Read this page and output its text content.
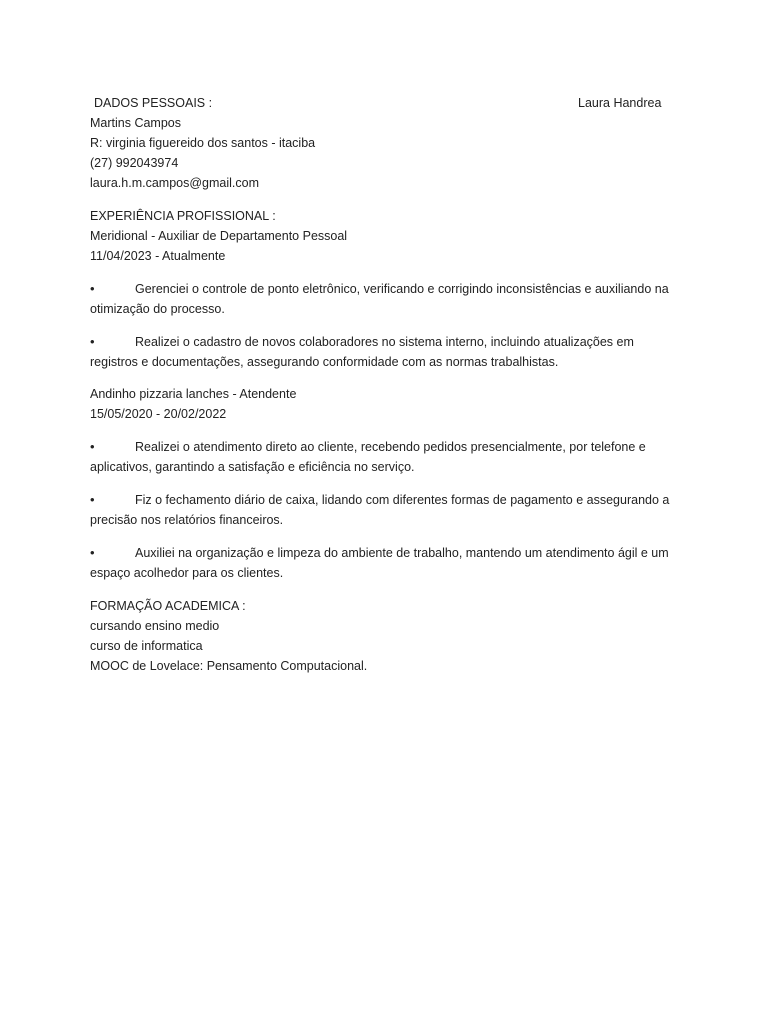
DADOS PESSOAIS :	Laura Handrea
Martins Campos
R: virginia figuereido dos santos - itaciba
(27) 992043974
laura.h.m.campos@gmail.com
EXPERIÊNCIA PROFISSIONAL :
Meridional - Auxiliar de Departamento Pessoal
11/04/2023 - Atualmente
•	Gerenciei o controle de ponto eletrônico, verificando e corrigindo inconsistências e auxiliando na
otimização do processo.
•	Realizei o cadastro de novos colaboradores no sistema interno, incluindo atualizações em
registros e documentações, assegurando conformidade com as normas trabalhistas.
Andinho pizzaria lanches - Atendente
15/05/2020 - 20/02/2022
•	Realizei o atendimento direto ao cliente, recebendo pedidos presencialmente, por telefone e
aplicativos, garantindo a satisfação e eficiência no serviço.
•	Fiz o fechamento diário de caixa, lidando com diferentes formas de pagamento e assegurando a
precisão nos relatórios financeiros.
•	Auxiliei na organização e limpeza do ambiente de trabalho, mantendo um atendimento ágil e um
espaço acolhedor para os clientes.
FORMAÇÃO ACADEMICA :
cursando ensino medio
curso de informatica
MOOC de Lovelace: Pensamento Computacional.
